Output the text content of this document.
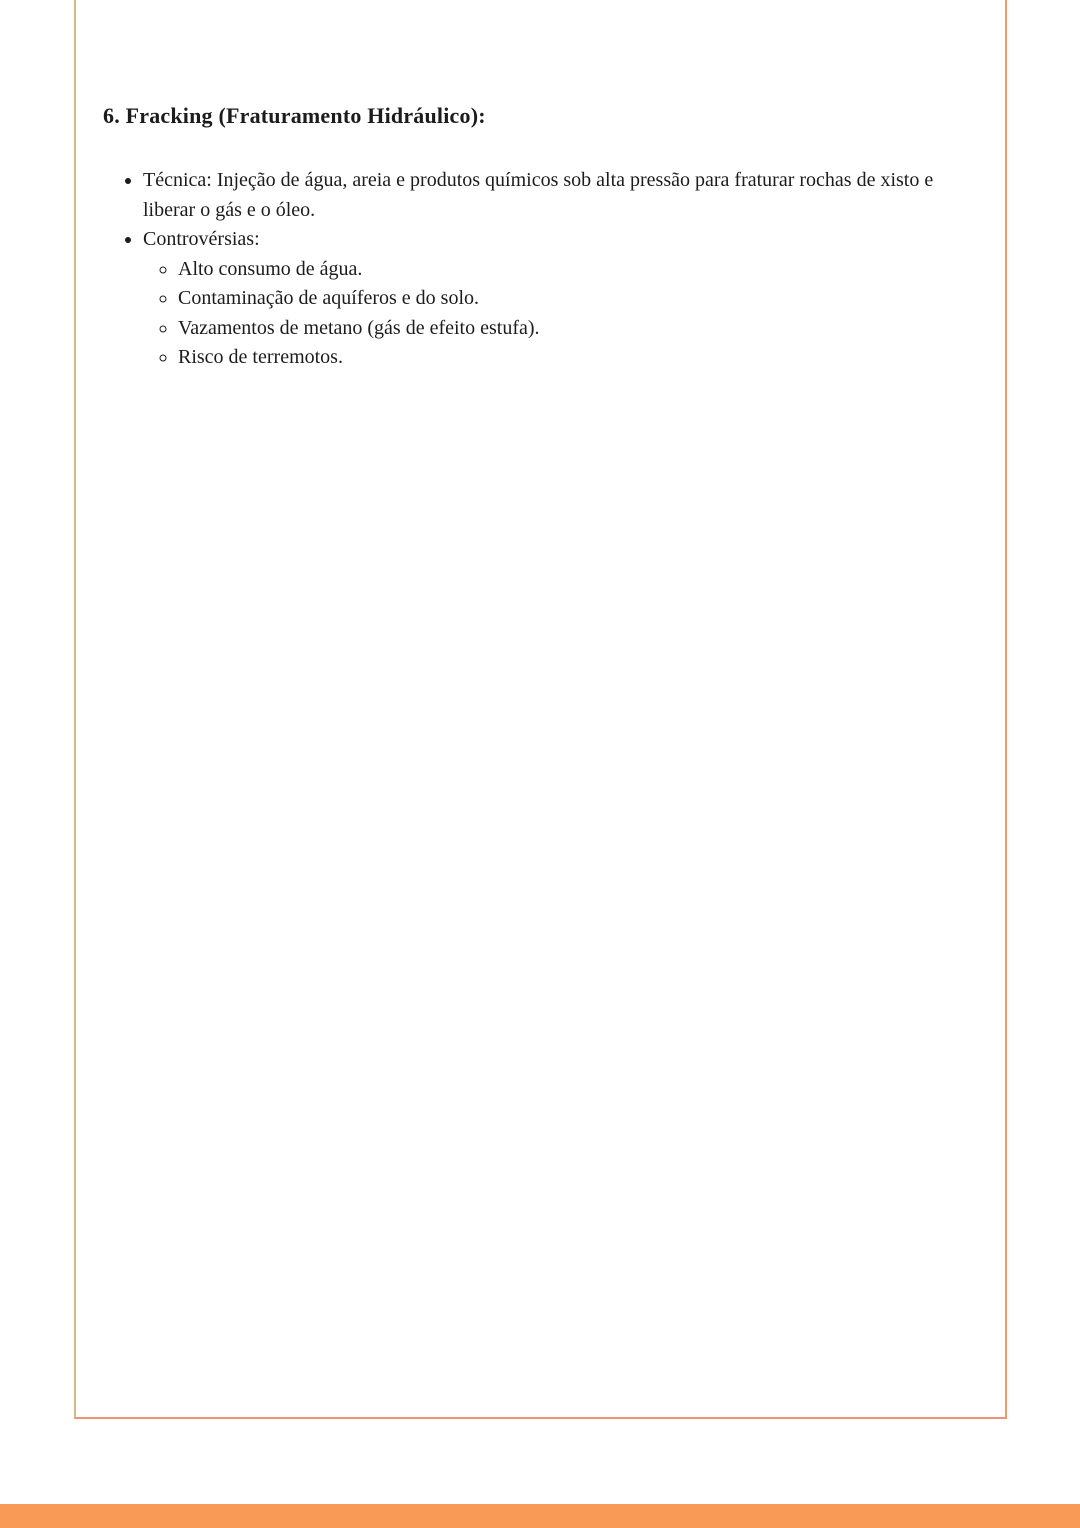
6. Fracking (Fraturamento Hidráulico):
• Técnica: Injeção de água, areia e produtos químicos sob alta pressão para fraturar rochas de xisto e liberar o gás e o óleo.
• Controvérsias:
◦ Alto consumo de água.
◦ Contaminação de aquíferos e do solo.
◦ Vazamentos de metano (gás de efeito estufa).
◦ Risco de terremotos.
